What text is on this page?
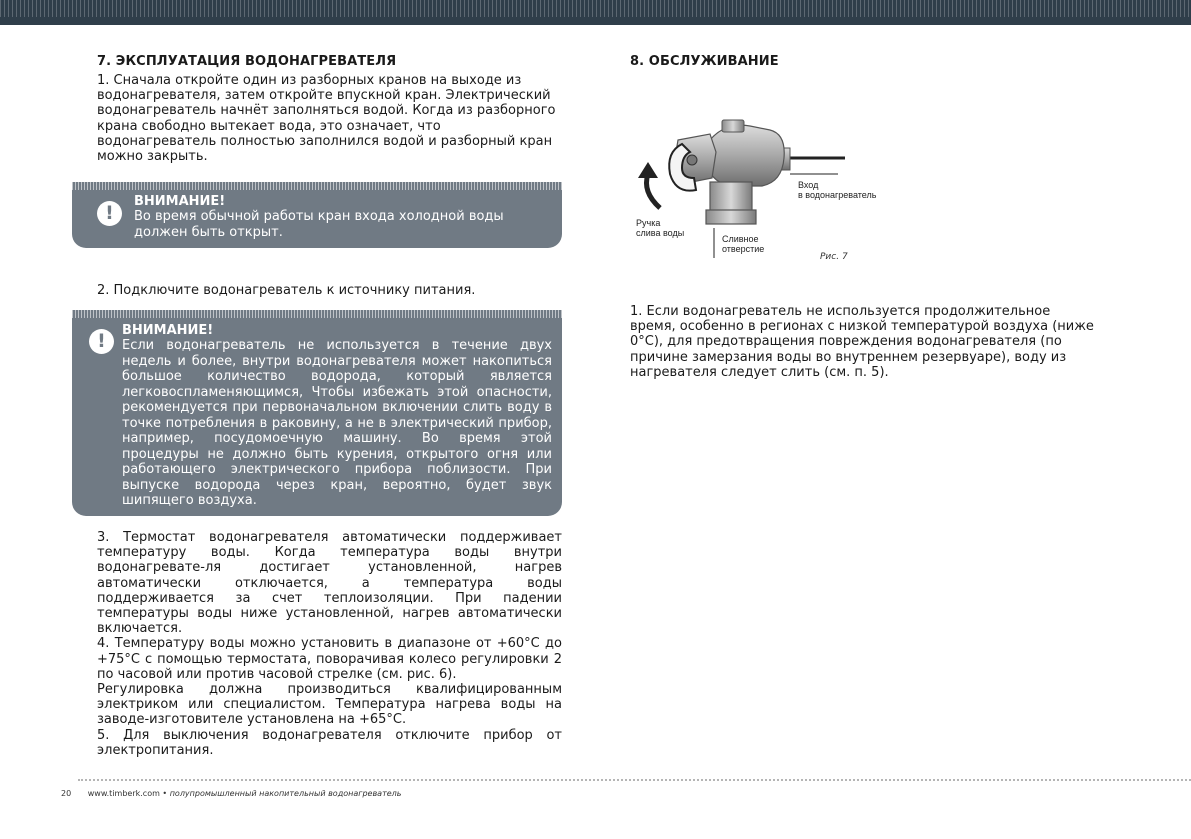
7. ЭКСПЛУАТАЦИЯ ВОДОНАГРЕВАТЕЛЯ

1. Сначала откройте один из разборных кранов на выходе из водонагревателя, затем откройте впускной кран. Электрический водонагреватель начнёт заполняться водой. Когда из разборного крана свободно вытекает вода, это означает, что водонагреватель полностью заполнился водой и разборный кран можно закрыть.

!
ВНИМАНИЕ!
Во время обычной работы кран входа холодной воды должен быть открыт.

2. Подключите водонагреватель к источнику питания.

!	ВНИМАНИЕ!
Если водонагреватель не используется в течение двух недель и более, внутри водонагревателя может накопиться большое количество водорода, который является легковоспламеняющимся, Чтобы избежать этой опасности, рекомендуется при первоначальном включении слить воду в точке потребления в раковину, а не в электрический прибор, например, посудомоечную машину. Во время этой процедуры не должно быть курения, открытого огня или работающего электрического прибора поблизости. При выпуске водорода через кран, вероятно, будет звук шипящего воздуха.

3. Термостат водонагревателя автоматически поддерживает температуру воды. Когда температура воды внутри водонагревате-ля достигает установленной, нагрев автоматически отключается, а температура воды поддерживается за счет теплоизоляции. При падении температуры воды ниже установленной, нагрев автоматически включается.

4. Температуру воды можно установить в диапазоне от +60°C до +75°C с помощью термостата, поворачивая колесо регулировки 2 по часовой или против часовой стрелке (см. рис. 6).

Регулировка должна производиться квалифицированным электриком или специалистом. Температура нагрева воды на заводе-изготовителе установлена на +65°C.

5. Для выключения водонагревателя отключите прибор от электропитания.

8. ОБСЛУЖИВАНИЕ
Вход
в водонагреватель
Ручка
слива воды
Сливное
отверстие
Рис. 7

1. Если водонагреватель не используется продолжительное время, особенно в регионах с низкой температурой воздуха (ниже 0°C), для предотвращения повреждения водонагревателя (по причине замерзания воды во внутреннем резервуаре), воду из нагревателя следует слить (см. п. 5).

20 www.timberk.com • полупромышленный накопительный водонагреватель
